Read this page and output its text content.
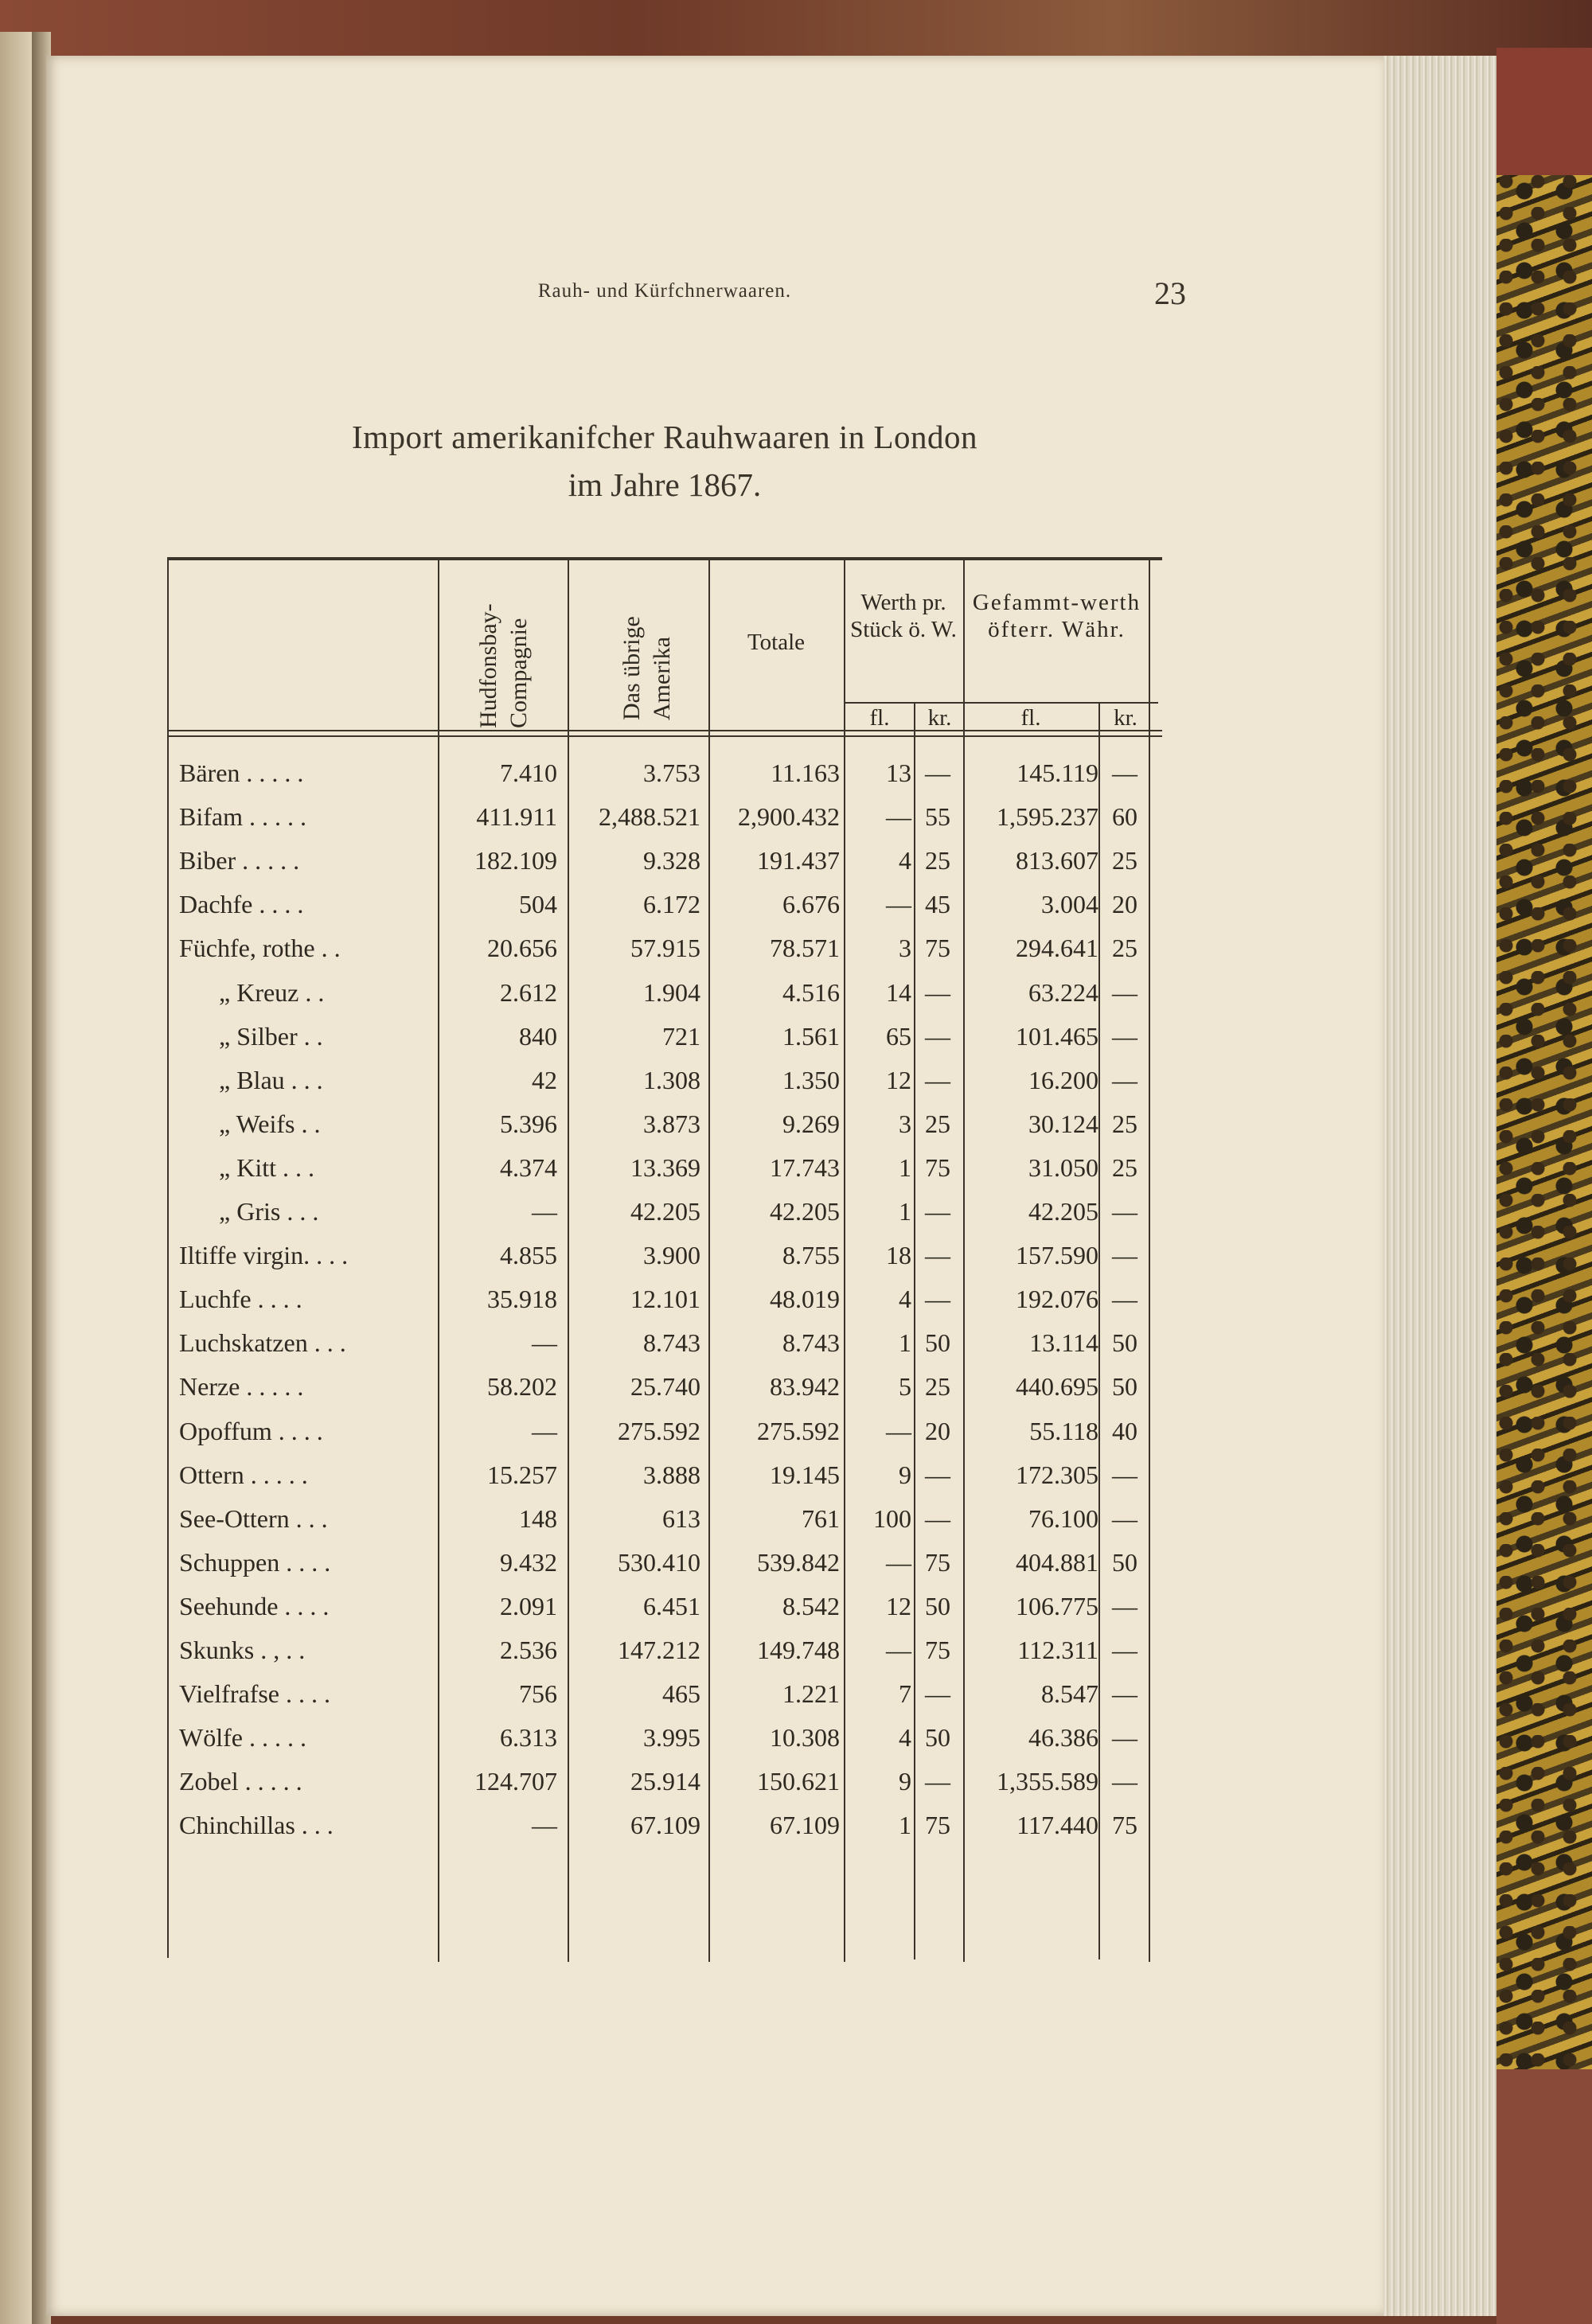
Rauh- und Kürfchnerwaaren.	23
Import amerikanifcher Rauhwaaren in London
im Jahre 1867.
Hudfonsbay- Compagnie	Das übrige Amerika	Totale
Werth pr. Stück ö. W.
Gefammt-werth öfterr. Währ.
fl.	kr.	fl.	kr.
Bären . . . . .	7.410	3.753	11.163	13 —	145.119 —
Bifam . . . . .	411.911	2,488.521	2,900.432	— 55	1,595.237 60
Biber . . . . .	182.109	9.328	191.437	4 25	813.607 25
Dachfe . . . .	504	6.172	6.676	— 45	3.004 20
Füchfe, rothe . .	20.656	57.915	78.571	3 75	294.641 25
„ Kreuz . .	2.612	1.904	4.516	14 —	63.224 —
„ Silber . .	840	721	1.561	65 —	101.465 —
„ Blau . . .	42	1.308	1.350	12 —	16.200 —
„ Weifs . .	5.396	3.873	9.269	3 25	30.124 25
„ Kitt . . .	4.374	13.369	17.743	1 75	31.050 25
„ Gris . . .	—	42.205	42.205	1 —	42.205 —
Iltiffe virgin. . . .	4.855	3.900	8.755	18 —	157.590 —
Luchfe . . . .	35.918	12.101	48.019	4 —	192.076 —
Luchskatzen . . .	—	8.743	8.743	1 50	13.114 50
Nerze . . . . .	58.202	25.740	83.942	5 25	440.695 50
Opoffum . . . .	—	275.592	275.592	— 20	55.118 40
Ottern . . . . .	15.257	3.888	19.145	9 —	172.305 —
See-Ottern . . .	148	613	761	100 —	76.100 —
Schuppen . . . .	9.432	530.410	539.842	— 75	404.881 50
Seehunde . . . .	2.091	6.451	8.542	12 50	106.775 —
Skunks . , . .	2.536	147.212	149.748	— 75	112.311 —
Vielfrafse . . . .	756	465	1.221	7 —	8.547 —
Wölfe . . . . .	6.313	3.995	10.308	4 50	46.386 —
Zobel . . . . .	124.707	25.914	150.621	9 —	1,355.589 —
Chinchillas . . .	—	67.109	67.109	1 75	117.440 75
